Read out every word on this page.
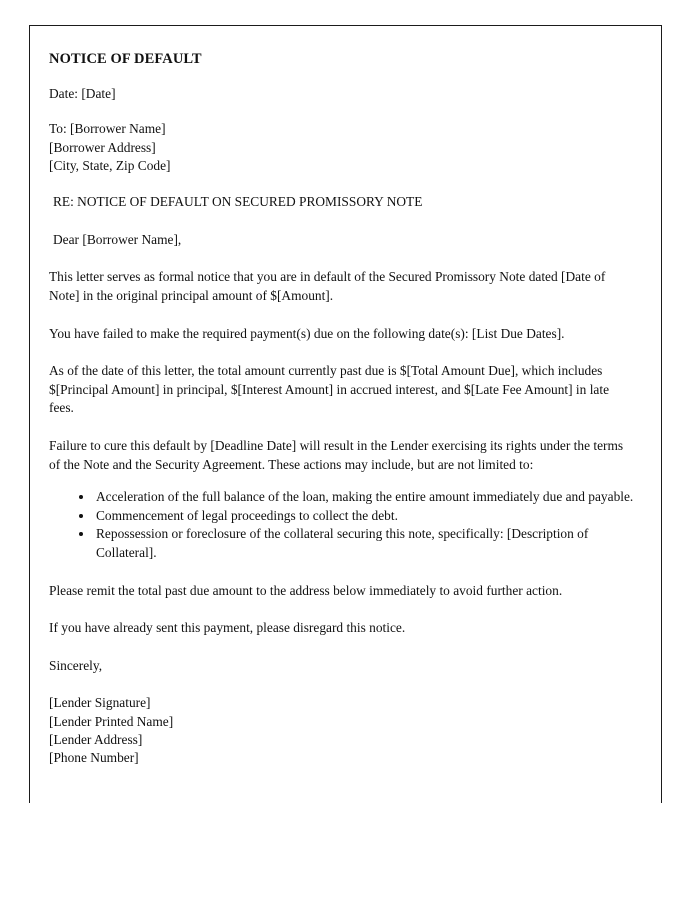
NOTICE OF DEFAULT
Date: [Date]
To: [Borrower Name]
[Borrower Address]
[City, State, Zip Code]
RE: NOTICE OF DEFAULT ON SECURED PROMISSORY NOTE
Dear [Borrower Name],

This letter serves as formal notice that you are in default of the Secured Promissory Note dated [Date of Note] in the original principal amount of $[Amount].

You have failed to make the required payment(s) due on the following date(s): [List Due Dates].

As of the date of this letter, the total amount currently past due is $[Total Amount Due], which includes $[Principal Amount] in principal, $[Interest Amount] in accrued interest, and $[Late Fee Amount] in late fees.

Failure to cure this default by [Deadline Date] will result in the Lender exercising its rights under the terms of the Note and the Security Agreement. These actions may include, but are not limited to:

• Acceleration of the full balance of the loan, making the entire amount immediately due and payable.
• Commencement of legal proceedings to collect the debt.
• Repossession or foreclosure of the collateral securing this note, specifically: [Description of Collateral].

Please remit the total past due amount to the address below immediately to avoid further action.

If you have already sent this payment, please disregard this notice.

Sincerely,
[Lender Signature]
[Lender Printed Name]
[Lender Address]
[Phone Number]
